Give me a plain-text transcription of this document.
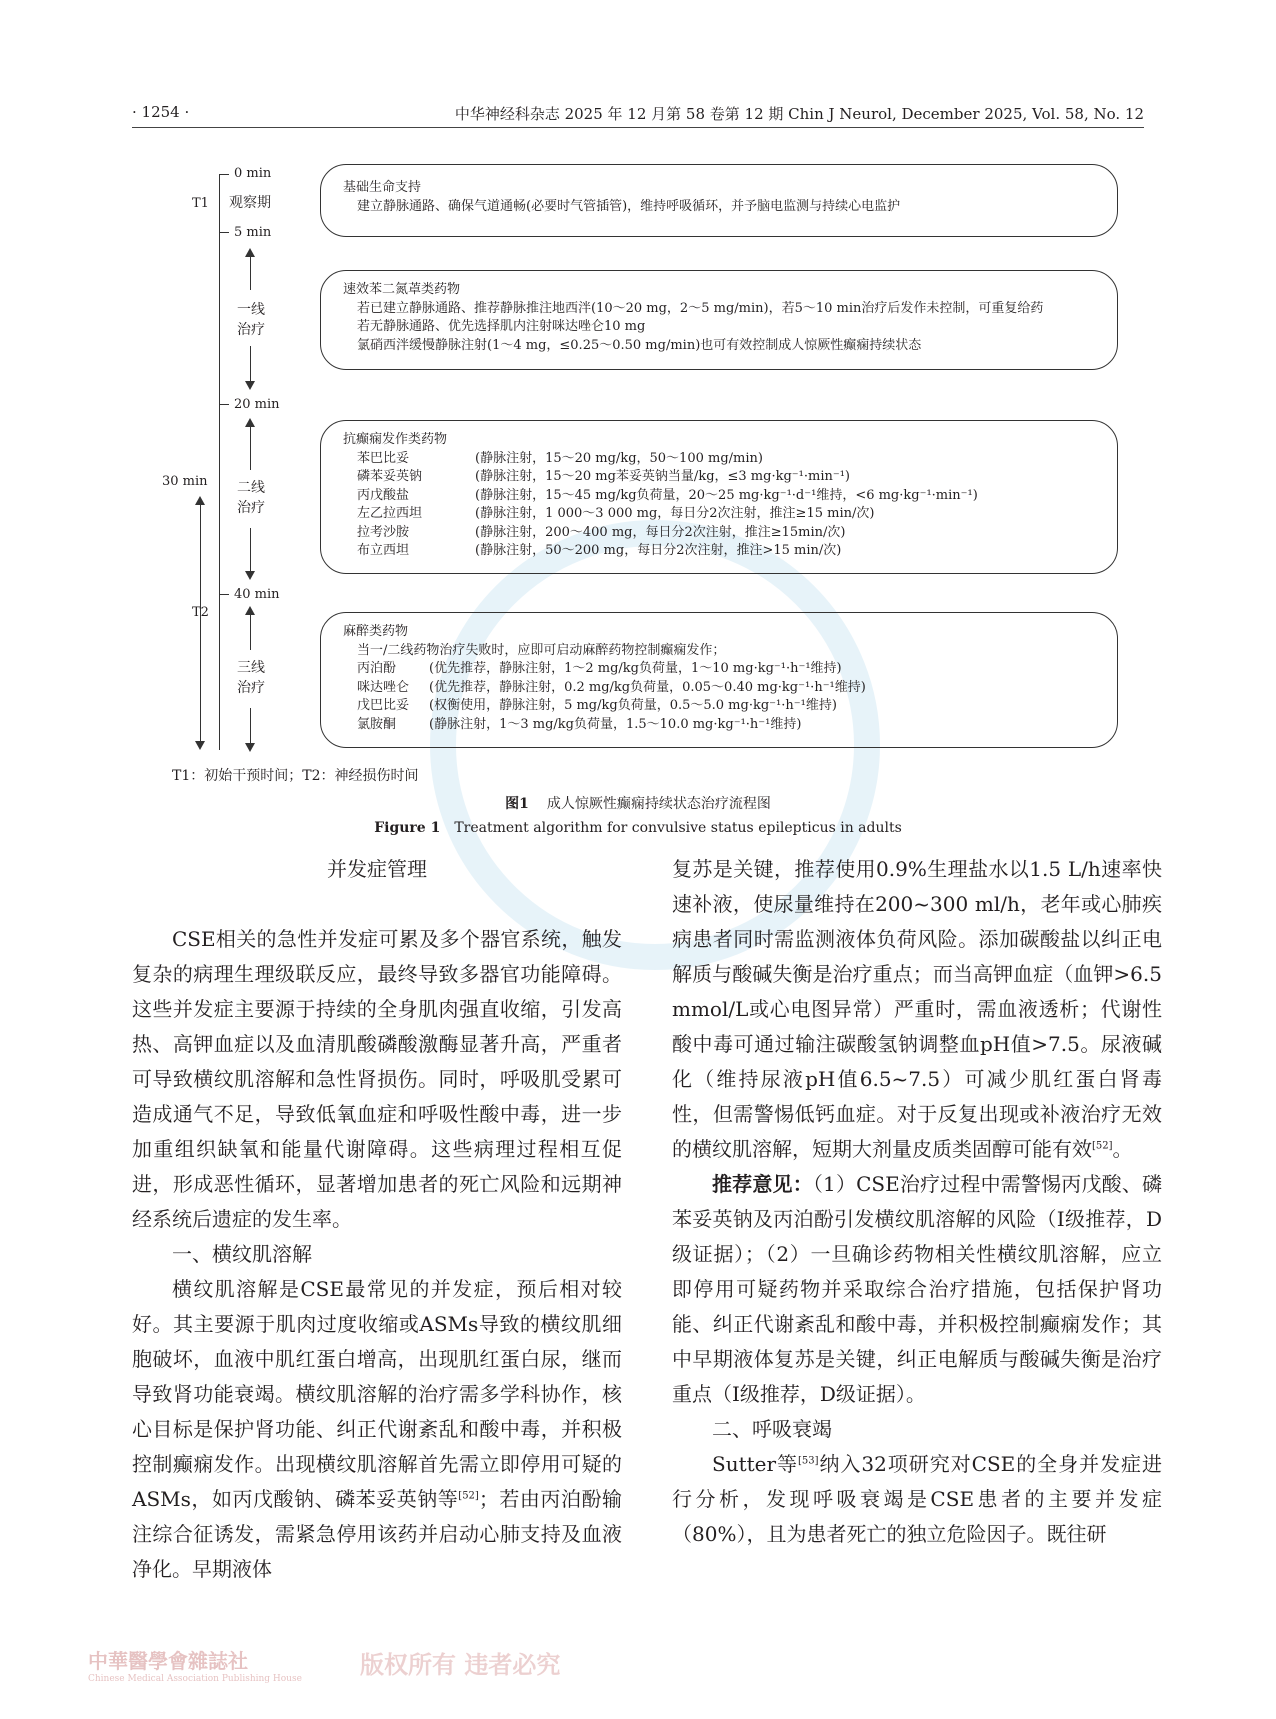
· 1254 ·	中华神经科杂志 2025 年 12 月第 58 卷第 12 期 Chin J Neurol, December 2025, Vol. 58, No. 12
0 min
5 min
20 min
30 min
40 min
T1 观察期
T2
一线
治疗
二线
治疗
三线
治疗
基础生命支持
建立静脉通路、确保气道通畅(必要时气管插管)，维持呼吸循环，并予脑电监测与持续心电监护
速效苯二氮䓬类药物
若已建立静脉通路、推荐静脉推注地西泮(10～20 mg，2～5 mg/min)，若5～10 min治疗后发作未控制，可重复给药
若无静脉通路、优先选择肌内注射咪达唑仑10 mg
氯硝西泮缓慢静脉注射(1～4 mg，≤0.25～0.50 mg/min)也可有效控制成人惊厥性癫痫持续状态
抗癫痫发作类药物
苯巴比妥	(静脉注射，15～20 mg/kg，50～100 mg/min)
磷苯妥英钠	(静脉注射，15～20 mg苯妥英钠当量/kg，≤3 mg·kg⁻¹·min⁻¹)
丙戊酸盐	(静脉注射，15～45 mg/kg负荷量，20～25 mg·kg⁻¹·d⁻¹维持，<6 mg·kg⁻¹·min⁻¹)
左乙拉西坦	(静脉注射，1 000～3 000 mg，每日分2次注射，推注≥15 min/次)
拉考沙胺	(静脉注射，200～400 mg，每日分2次注射，推注≥15min/次)
布立西坦	(静脉注射，50～200 mg，每日分2次注射，推注>15 min/次)
麻醉类药物
当一/二线药物治疗失败时，应即可启动麻醉药物控制癫痫发作；
丙泊酚	(优先推荐，静脉注射，1～2 mg/kg负荷量，1～10 mg·kg⁻¹·h⁻¹维持)
咪达唑仑 (优先推荐，静脉注射，0.2 mg/kg负荷量，0.05～0.40 mg·kg⁻¹·h⁻¹维持)
戊巴比妥 (权衡使用，静脉注射，5 mg/kg负荷量，0.5～5.0 mg·kg⁻¹·h⁻¹维持)
氯胺酮	(静脉注射，1～3 mg/kg负荷量，1.5～10.0 mg·kg⁻¹·h⁻¹维持)
T1：初始干预时间；T2：神经损伤时间
图1 成人惊厥性癫痫持续状态治疗流程图
Figure 1 Treatment algorithm for convulsive status epilepticus in adults

并发症管理

CSE相关的急性并发症可累及多个器官系统，触发复杂的病理生理级联反应，最终导致多器官功能障碍。这些并发症主要源于持续的全身肌肉强直收缩，引发高热、高钾血症以及血清肌酸磷酸激酶显著升高，严重者可导致横纹肌溶解和急性肾损伤。同时，呼吸肌受累可造成通气不足，导致低氧血症和呼吸性酸中毒，进一步加重组织缺氧和能量代谢障碍。这些病理过程相互促进，形成恶性循环，显著增加患者的死亡风险和远期神经系统后遗症的发生率。

一、横纹肌溶解

横纹肌溶解是CSE最常见的并发症，预后相对较好。其主要源于肌肉过度收缩或ASMs导致的横纹肌细胞破坏，血液中肌红蛋白增高，出现肌红蛋白尿，继而导致肾功能衰竭。横纹肌溶解的治疗需多学科协作，核心目标是保护肾功能、纠正代谢紊乱和酸中毒，并积极控制癫痫发作。出现横纹肌溶解首先需立即停用可疑的ASMs，如丙戊酸钠、磷苯妥英钠等[52]；若由丙泊酚输注综合征诱发，需紧急停用该药并启动心肺支持及血液净化。早期液体

复苏是关键，推荐使用0.9%生理盐水以1.5 L/h速率快速补液，使尿量维持在200~300 ml/h，老年或心肺疾病患者同时需监测液体负荷风险。添加碳酸盐以纠正电解质与酸碱失衡是治疗重点；而当高钾血症（血钾>6.5 mmol/L或心电图异常）严重时，需血液透析；代谢性酸中毒可通过输注碳酸氢钠调整血pH值>7.5。尿液碱化（维持尿液pH值6.5~7.5）可减少肌红蛋白肾毒性，但需警惕低钙血症。对于反复出现或补液治疗无效的横纹肌溶解，短期大剂量皮质类固醇可能有效[52]。

推荐意见：（1）CSE治疗过程中需警惕丙戊酸、磷苯妥英钠及丙泊酚引发横纹肌溶解的风险（Ⅰ级推荐，D级证据）；（2）一旦确诊药物相关性横纹肌溶解，应立即停用可疑药物并采取综合治疗措施，包括保护肾功能、纠正代谢紊乱和酸中毒，并积极控制癫痫发作；其中早期液体复苏是关键，纠正电解质与酸碱失衡是治疗重点（Ⅰ级推荐，D级证据）。

二、呼吸衰竭

Sutter等[53]纳入32项研究对CSE的全身并发症进行分析，发现呼吸衰竭是CSE患者的主要并发症（80%），且为患者死亡的独立危险因子。既往研

中華醫學會雜誌社
Chinese Medical Association Publishing House 版权所有 违者必究
